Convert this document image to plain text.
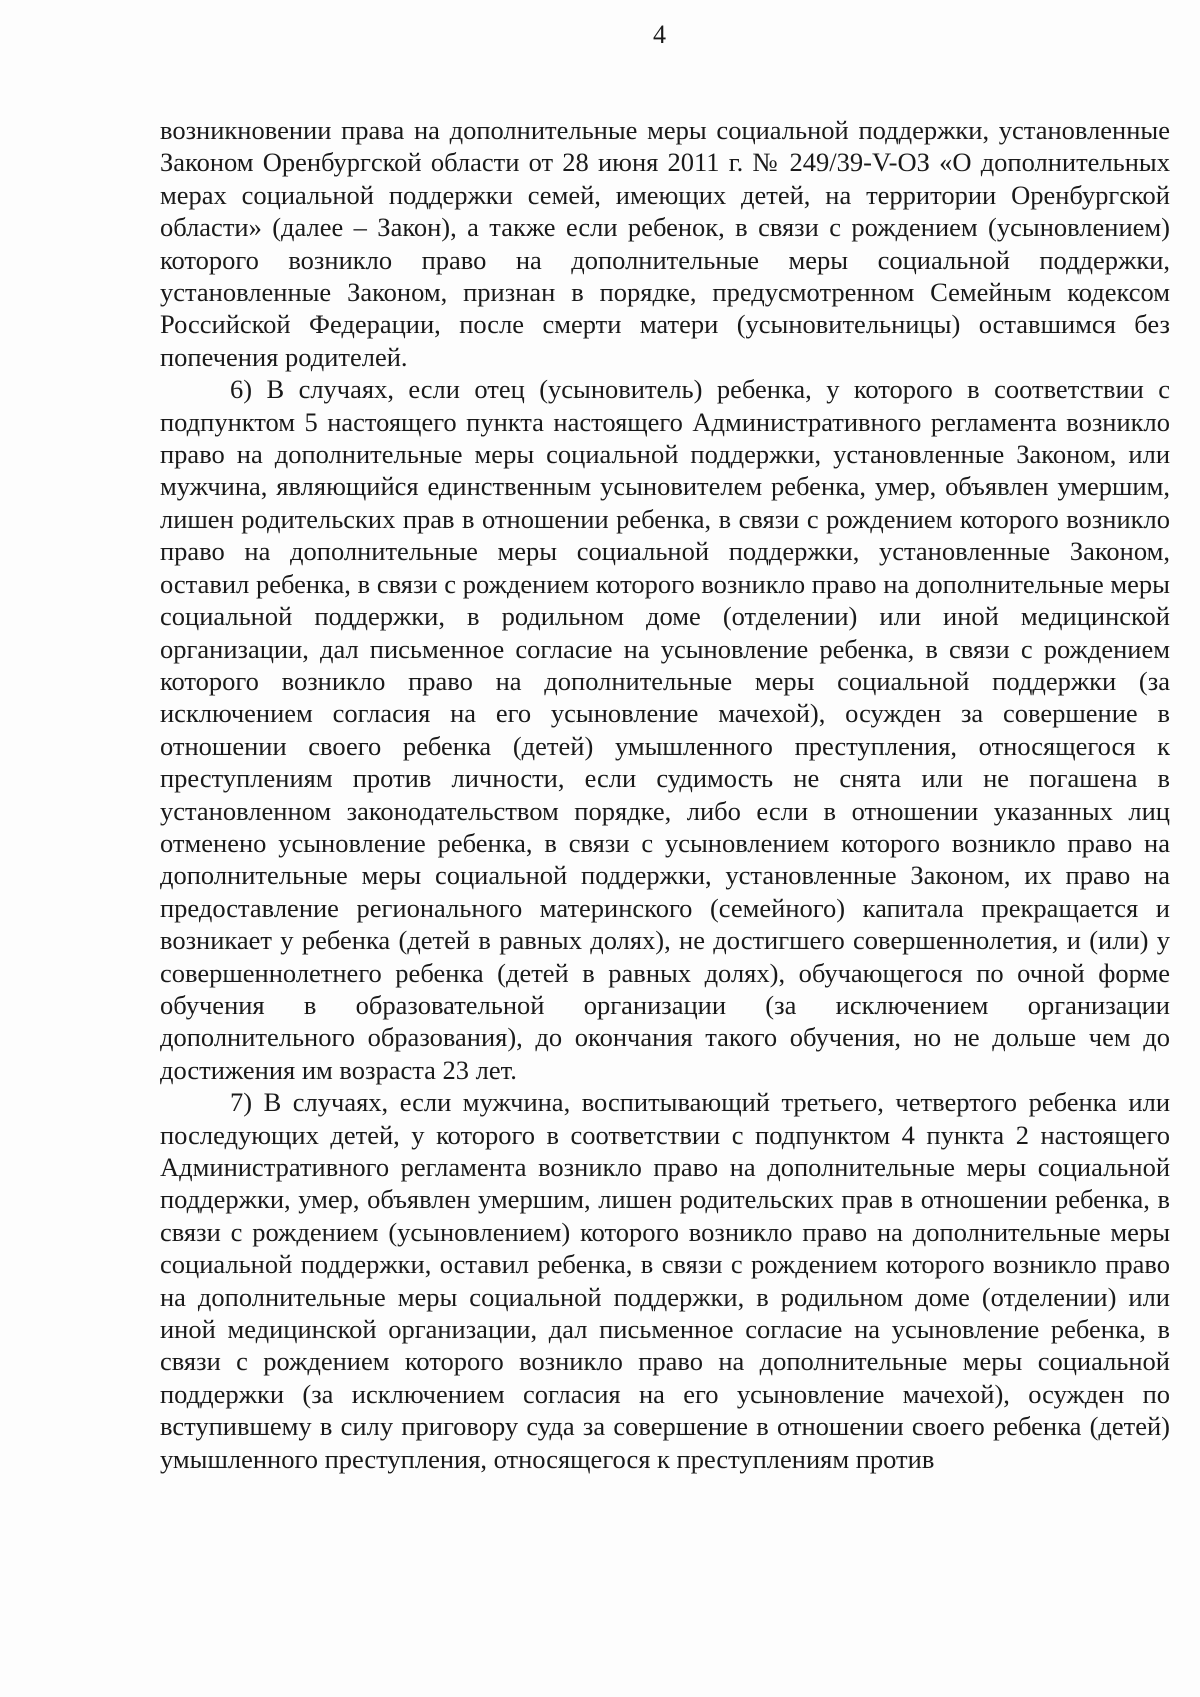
4

возникновении права на дополнительные меры социальной поддержки, установленные Законом Оренбургской области от 28 июня 2011 г. № 249/39-V-ОЗ «О дополнительных мерах социальной поддержки семей, имеющих детей, на территории Оренбургской области» (далее – Закон), а также если ребенок, в связи с рождением (усыновлением) которого возникло право на дополнительные меры социальной поддержки, установленные Законом, признан в порядке, предусмотренном Семейным кодексом Российской Федерации, после смерти матери (усыновительницы) оставшимся без попечения родителей.

6) В случаях, если отец (усыновитель) ребенка, у которого в соответствии с подпунктом 5 настоящего пункта настоящего Административного регламента возникло право на дополнительные меры социальной поддержки, установленные Законом, или мужчина, являющийся единственным усыновителем ребенка, умер, объявлен умершим, лишен родительских прав в отношении ребенка, в связи с рождением которого возникло право на дополнительные меры социальной поддержки, установленные Законом, оставил ребенка, в связи с рождением которого возникло право на дополнительные меры социальной поддержки, в родильном доме (отделении) или иной медицинской организации, дал письменное согласие на усыновление ребенка, в связи с рождением которого возникло право на дополнительные меры социальной поддержки (за исключением согласия на его усыновление мачехой), осужден за совершение в отношении своего ребенка (детей) умышленного преступления, относящегося к преступлениям против личности, если судимость не снята или не погашена в установленном законодательством порядке, либо если в отношении указанных лиц отменено усыновление ребенка, в связи с усыновлением которого возникло право на дополнительные меры социальной поддержки, установленные Законом, их право на предоставление регионального материнского (семейного) капитала прекращается и возникает у ребенка (детей в равных долях), не достигшего совершеннолетия, и (или) у совершеннолетнего ребенка (детей в равных долях), обучающегося по очной форме обучения в образовательной организации (за исключением организации дополнительного образования), до окончания такого обучения, но не дольше чем до достижения им возраста 23 лет.

7) В случаях, если мужчина, воспитывающий третьего, четвертого ребенка или последующих детей, у которого в соответствии с подпунктом 4 пункта 2 настоящего Административного регламента возникло право на дополнительные меры социальной поддержки, умер, объявлен умершим, лишен родительских прав в отношении ребенка, в связи с рождением (усыновлением) которого возникло право на дополнительные меры социальной поддержки, оставил ребенка, в связи с рождением которого возникло право на дополнительные меры социальной поддержки, в родильном доме (отделении) или иной медицинской организации, дал письменное согласие на усыновление ребенка, в связи с рождением которого возникло право на дополнительные меры социальной поддержки (за исключением согласия на его усыновление мачехой), осужден по вступившему в силу приговору суда за совершение в отношении своего ребенка (детей) умышленного преступления, относящегося к преступлениям против
